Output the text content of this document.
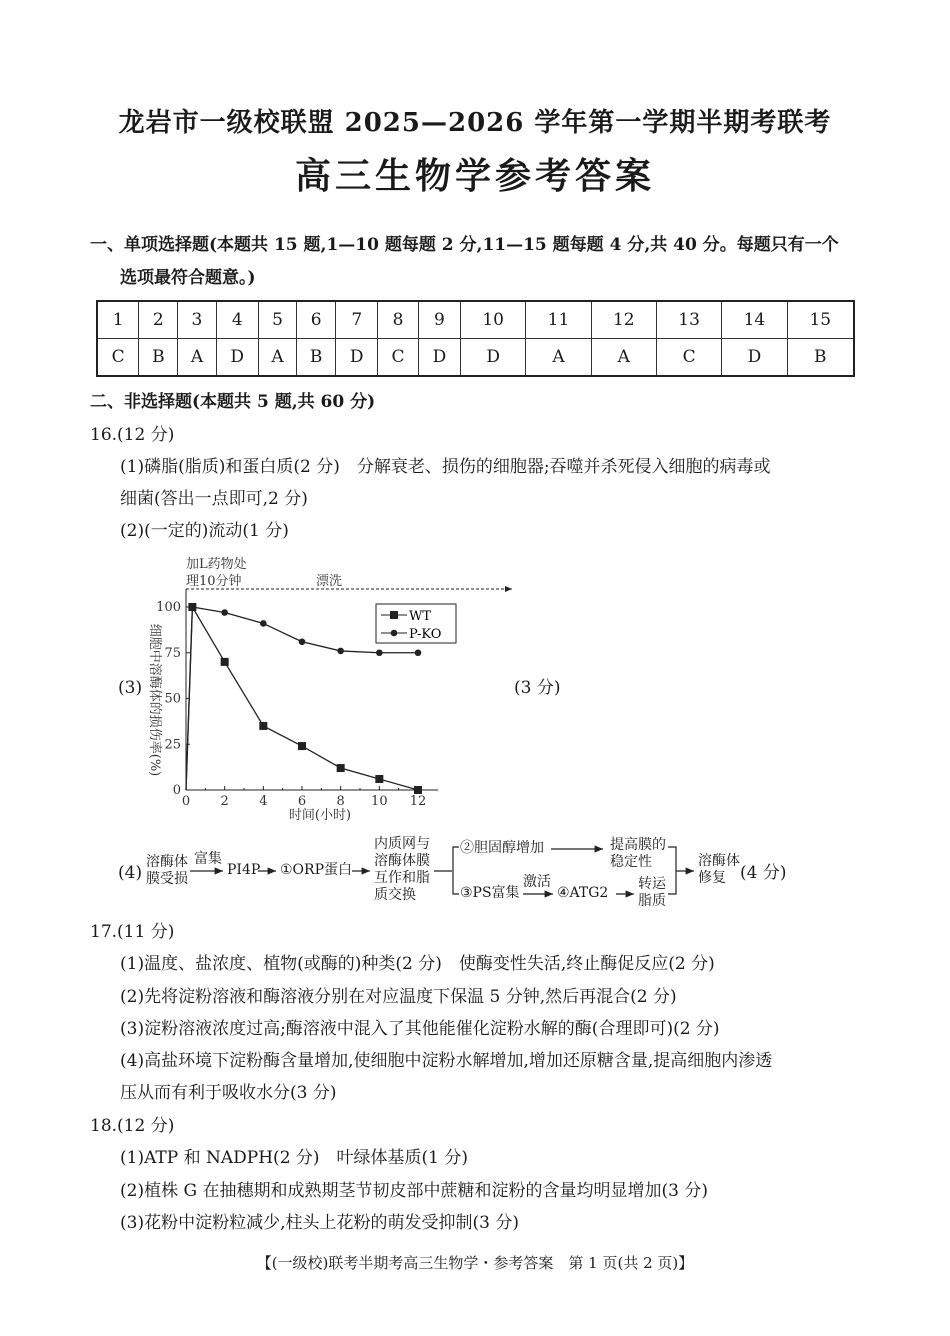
龙岩市一级校联盟 2025—2026 学年第一学期半期考联考
高三生物学参考答案
一、单项选择题(本题共 15 题,1—10 题每题 2 分,11—15 题每题 4 分,共 40 分。每题只有一个
选项最符合题意。)
1	2	3	4	5	6	7	8	9	10	11	12	13	14	15
C	B	A	D	A	B	D	C	D	D	A	A	C	D	B
二、非选择题(本题共 5 题,共 60 分)
16.(12 分)
(1)磷脂(脂质)和蛋白质(2 分)　分解衰老、损伤的细胞器;吞噬并杀死侵入细胞的病毒或
细菌(答出一点即可,2 分)
(2)(一定的)流动(1 分)
(3)	(3 分)
加L药物处
理10分钟	漂洗
0 2 4 6 8 10 12
0
25
50
75
100
时间(小时)
细胞中溶酶体的损伤率(%)
WT
P-KO
(4)
溶酶体
膜受损
富集
PI4P ①ORP蛋白
内质网与
溶酶体膜
互作和脂
质交换
②胆固醇增加	提高膜的
稳定性
③PS富集
激活
④ATG2
转运
脂质
溶酶体
修复 (4 分)
17.(11 分)
(1)温度、盐浓度、植物(或酶的)种类(2 分)　使酶变性失活,终止酶促反应(2 分)
(2)先将淀粉溶液和酶溶液分别在对应温度下保温 5 分钟,然后再混合(2 分)
(3)淀粉溶液浓度过高;酶溶液中混入了其他能催化淀粉水解的酶(合理即可)(2 分)
(4)高盐环境下淀粉酶含量增加,使细胞中淀粉水解增加,增加还原糖含量,提高细胞内渗透
压从而有利于吸收水分(3 分)
18.(12 分)
(1)ATP 和 NADPH(2 分)　叶绿体基质(1 分)
(2)植株 G 在抽穗期和成熟期茎节韧皮部中蔗糖和淀粉的含量均明显增加(3 分)
(3)花粉中淀粉粒减少,柱头上花粉的萌发受抑制(3 分)
【(一级校)联考半期考高三生物学・参考答案　第 1 页(共 2 页)】
